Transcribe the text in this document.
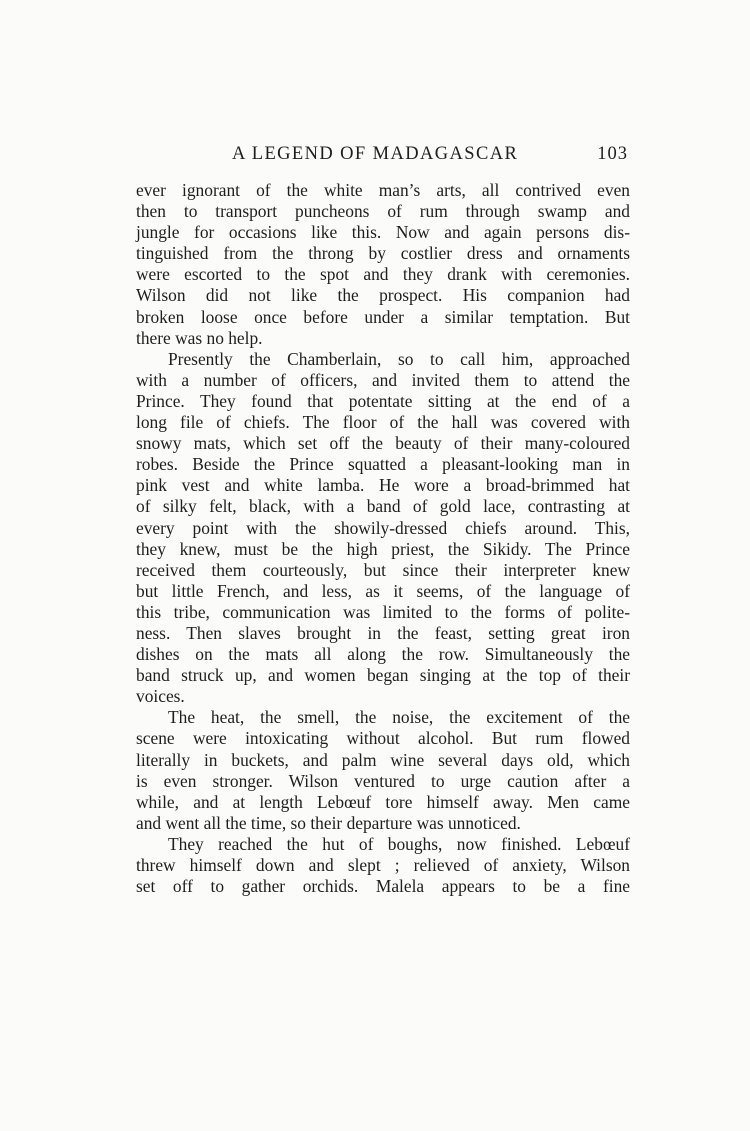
A LEGEND OF MADAGASCAR	103
ever ignorant of the white man’s arts, all contrived even
then to transport puncheons of rum through swamp and
jungle for occasions like this. Now and again persons dis-
tinguished from the throng by costlier dress and ornaments
were escorted to the spot and they drank with ceremonies.
Wilson did not like the prospect. His companion had
broken loose once before under a similar temptation. But
there was no help.
Presently the Chamberlain, so to call him, approached
with a number of officers, and invited them to attend the
Prince. They found that potentate sitting at the end of a
long file of chiefs. The floor of the hall was covered with
snowy mats, which set off the beauty of their many-coloured
robes. Beside the Prince squatted a pleasant-looking man in
pink vest and white lamba. He wore a broad-brimmed hat
of silky felt, black, with a band of gold lace, contrasting at
every point with the showily-dressed chiefs around. This,
they knew, must be the high priest, the Sikidy. The Prince
received them courteously, but since their interpreter knew
but little French, and less, as it seems, of the language of
this tribe, communication was limited to the forms of polite-
ness. Then slaves brought in the feast, setting great iron
dishes on the mats all along the row. Simultaneously the
band struck up, and women began singing at the top of their
voices.
The heat, the smell, the noise, the excitement of the
scene were intoxicating without alcohol. But rum flowed
literally in buckets, and palm wine several days old, which
is even stronger. Wilson ventured to urge caution after a
while, and at length Lebœuf tore himself away. Men came
and went all the time, so their departure was unnoticed.
They reached the hut of boughs, now finished. Lebœuf
threw himself down and slept ; relieved of anxiety, Wilson
set off to gather orchids. Malela appears to be a fine
